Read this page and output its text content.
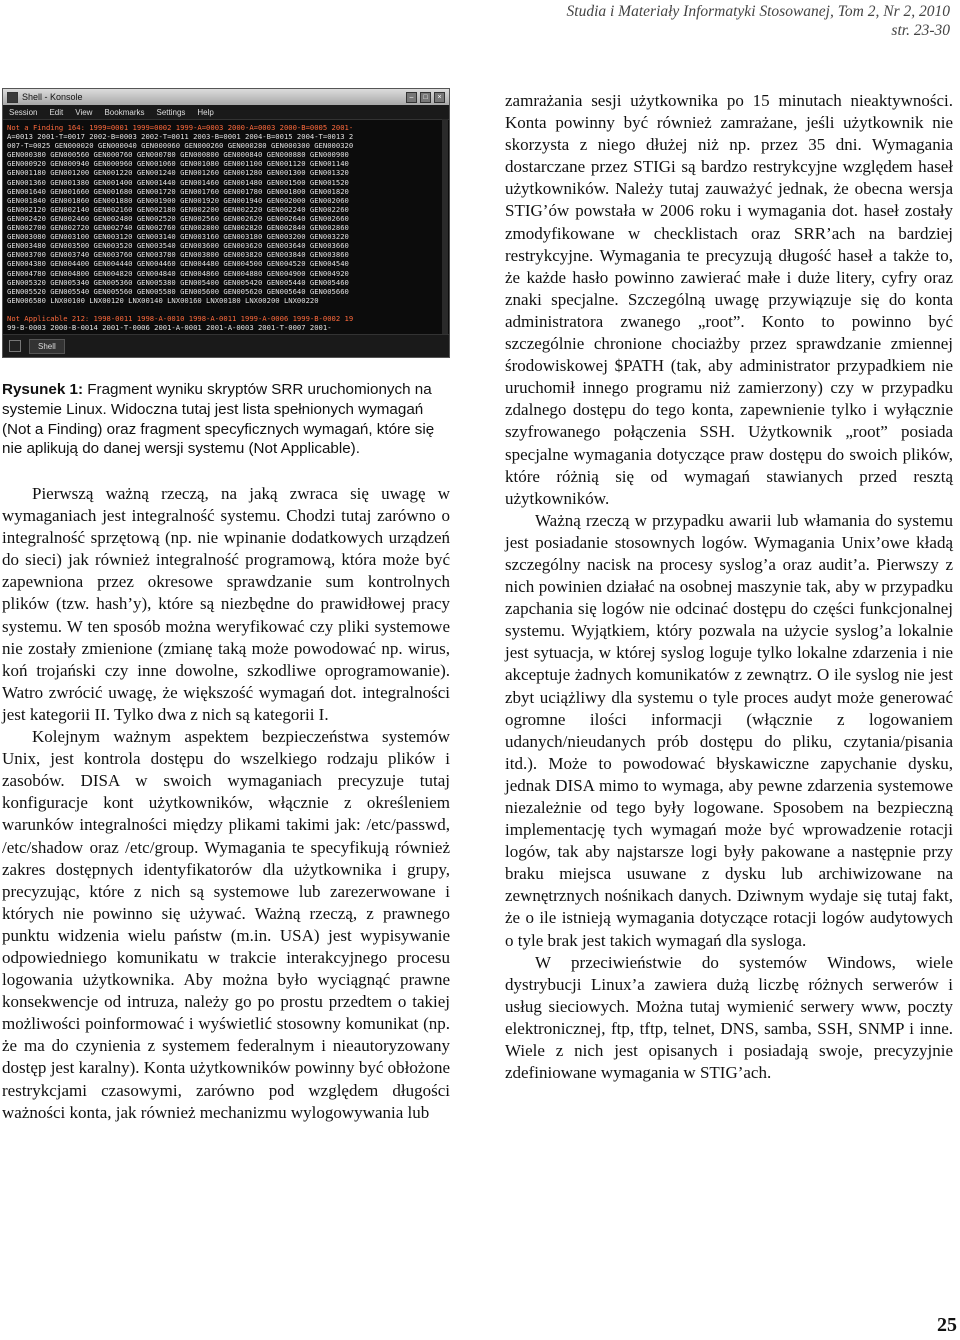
Studia i Materiały Informatyki Stosowanej, Tom 2, Nr 2, 2010
str. 23-30
Shell - Konsole	–	□	×
Session Edit View Bookmarks Settings Help
Not a Finding 164: 1999=0001 1999=0002 1999-A=0003 2000-A=0003 2000-B=0005 2001-
A=0013 2001-T=0017 2002-B=0003 2002-T=0011 2003-B=0001 2004-B=0015 2004-T=0013 2
007-T=0025 GEN000020 GEN000040 GEN000060 GEN000260 GEN000280 GEN000300 GEN000320
GEN000380 GEN000560 GEN000760 GEN000780 GEN000800 GEN000840 GEN000880 GEN000900
GEN000920 GEN000940 GEN000960 GEN001060 GEN001080 GEN001100 GEN001120 GEN001140
GEN001180 GEN001200 GEN001220 GEN001240 GEN001260 GEN001280 GEN001300 GEN001320
GEN001360 GEN001380 GEN001400 GEN001440 GEN001460 GEN001480 GEN001500 GEN001520
GEN001640 GEN001660 GEN001680 GEN001720 GEN001760 GEN001780 GEN001800 GEN001820
GEN001840 GEN001860 GEN001880 GEN001900 GEN001920 GEN001940 GEN002000 GEN002060
GEN002120 GEN002140 GEN002160 GEN002180 GEN002200 GEN002220 GEN002240 GEN002260
GEN002420 GEN002460 GEN002480 GEN002520 GEN002560 GEN002620 GEN002640 GEN002660
GEN002700 GEN002720 GEN002740 GEN002760 GEN002800 GEN002820 GEN002840 GEN002860
GEN003080 GEN003100 GEN003120 GEN003140 GEN003160 GEN003180 GEN003200 GEN003220
GEN003480 GEN003500 GEN003520 GEN003540 GEN003600 GEN003620 GEN003640 GEN003660
GEN003700 GEN003740 GEN003760 GEN003780 GEN003800 GEN003820 GEN003840 GEN003860
GEN004380 GEN004400 GEN004440 GEN004460 GEN004480 GEN004500 GEN004520 GEN004540
GEN004780 GEN004800 GEN004820 GEN004840 GEN004860 GEN004880 GEN004900 GEN004920
GEN005320 GEN005340 GEN005360 GEN005380 GEN005400 GEN005420 GEN005440 GEN005460
GEN005520 GEN005540 GEN005560 GEN005580 GEN005600 GEN005620 GEN005640 GEN005660
GEN006580 LNX00100 LNX00120 LNX00140 LNX00160 LNX00180 LNX00200 LNX00220

Not Applicable 212: 1998-0011 1998-A-0010 1998-A-0011 1999-A-0006 1999-B-0002 19
99-B-0003 2000-B-0014 2001-T-0006 2001-A-0001 2001-A-0003 2001-T-0007 2001-
Shell
Rysunek 1: Fragment wyniku skryptów SRR uruchomionych na systemie Linux. Widoczna tutaj jest lista spełnionych wymagań (Not a Finding) oraz fragment specyficznych wymagań, które się nie aplikują do danej wersji systemu (Not Applicable).

Pierwszą ważną rzeczą, na jaką zwraca się uwagę w wymaganiach jest integralność systemu. Chodzi tutaj zarówno o integralność sprzętową (np. nie wpinanie dodatkowych urządzeń do sieci) jak również integralność programową, która może być zapewniona przez okresowe sprawdzanie sum kontrolnych plików (tzw. hash’y), które są niezbędne do prawidłowej pracy systemu. W ten sposób można weryfikować czy pliki systemowe nie zostały zmienione (zmianę taką może powodować np. wirus, koń trojański czy inne dowolne, szkodliwe oprogramowanie). Watro zwrócić uwagę, że większość wymagań dot. integralności jest kategorii II. Tylko dwa z nich są kategorii I.

Kolejnym ważnym aspektem bezpieczeństwa systemów Unix, jest kontrola dostępu do wszelkiego rodzaju plików i zasobów. DISA w swoich wymaganiach precyzuje tutaj konfiguracje kont użytkowników, włącznie z określeniem warunków integralności między plikami takimi jak: /etc/passwd, /etc/shadow oraz /etc/group. Wymagania te specyfikują również zakres dostępnych identyfikatorów dla użytkownika i grupy, precyzując, które z nich są systemowe lub zarezerwowane i których nie powinno się używać. Ważną rzeczą, z prawnego punktu widzenia wielu państw (m.in. USA) jest wypisywanie odpowiedniego komunikatu w trakcie interakcyjnego procesu logowania użytkownika. Aby można było wyciągnąć prawne konsekwencje od intruza, należy go po prostu przedtem o takiej możliwości poinformować i wyświetlić stosowny komunikat (np. że ma do czynienia z systemem federalnym i nieautoryzowany dostęp jest karalny). Konta użytkowników powinny być obłożone restrykcjami czasowymi, zarówno pod względem długości ważności konta, jak również mechanizmu wylogowywania lub

zamrażania sesji użytkownika po 15 minutach nieaktywności. Konta powinny być również zamrażane, jeśli użytkownik nie skorzysta z niego dłużej niż np. przez 35 dni. Wymagania dostarczane przez STIGi są bardzo restrykcyjne względem haseł użytkowników. Należy tutaj zauważyć jednak, że obecna wersja STIG’ów powstała w 2006 roku i wymagania dot. haseł zostały zmodyfikowane w checklistach oraz SRR’ach na bardziej restrykcyjne. Wymagania te precyzują długość haseł a także to, że każde hasło powinno zawierać małe i duże litery, cyfry oraz znaki specjalne. Szczególną uwagę przywiązuje się do konta administratora zwanego „root”. Konto to powinno być szczególnie chronione chociażby przez sprawdzanie zmiennej środowiskowej $PATH (tak, aby administrator przypadkiem nie uruchomił innego programu niż zamierzony) czy w przypadku zdalnego dostępu do tego konta, zapewnienie tylko i wyłącznie szyfrowanego połączenia SSH. Użytkownik „root” posiada specjalne wymagania dotyczące praw dostępu do swoich plików, które różnią się od wymagań stawianych przed resztą użytkowników.

Ważną rzeczą w przypadku awarii lub włamania do systemu jest posiadanie stosownych logów. Wymagania Unix’owe kładą szczególny nacisk na procesy syslog’a oraz audit’a. Pierwszy z nich powinien działać na osobnej maszynie tak, aby w przypadku zapchania się logów nie odcinać dostępu do części funkcjonalnej systemu. Wyjątkiem, który pozwala na użycie syslog’a lokalnie jest sytuacja, w której syslog loguje tylko lokalne zdarzenia i nie akceptuje żadnych komunikatów z zewnątrz. O ile syslog nie jest zbyt uciążliwy dla systemu o tyle proces audyt może generować ogromne ilości informacji (włącznie z logowaniem udanych/nieudanych prób dostępu do pliku, czytania/pisania itd.). Może to powodować błyskawiczne zapychanie dysku, jednak DISA mimo to wymaga, aby pewne zdarzenia systemowe niezależnie od tego były logowane. Sposobem na bezpieczną implementację tych wymagań może być wprowadzenie rotacji logów, tak aby najstarsze logi były pakowane a następnie przy braku miejsca usuwane z dysku lub archiwizowane na zewnętrznych nośnikach danych. Dziwnym wydaje się tutaj fakt, że o ile istnieją wymagania dotyczące rotacji logów audytowych o tyle brak jest takich wymagań dla sysloga.

W przeciwieństwie do systemów Windows, wiele dystrybucji Linux’a zawiera dużą liczbę różnych serwerów i usług sieciowych. Można tutaj wymienić serwery www, poczty elektronicznej, ftp, tftp, telnet, DNS, samba, SSH, SNMP i inne. Wiele z nich jest opisanych i posiadają swoje, precyzyjnie zdefiniowane wymagania w STIG’ach.

25
